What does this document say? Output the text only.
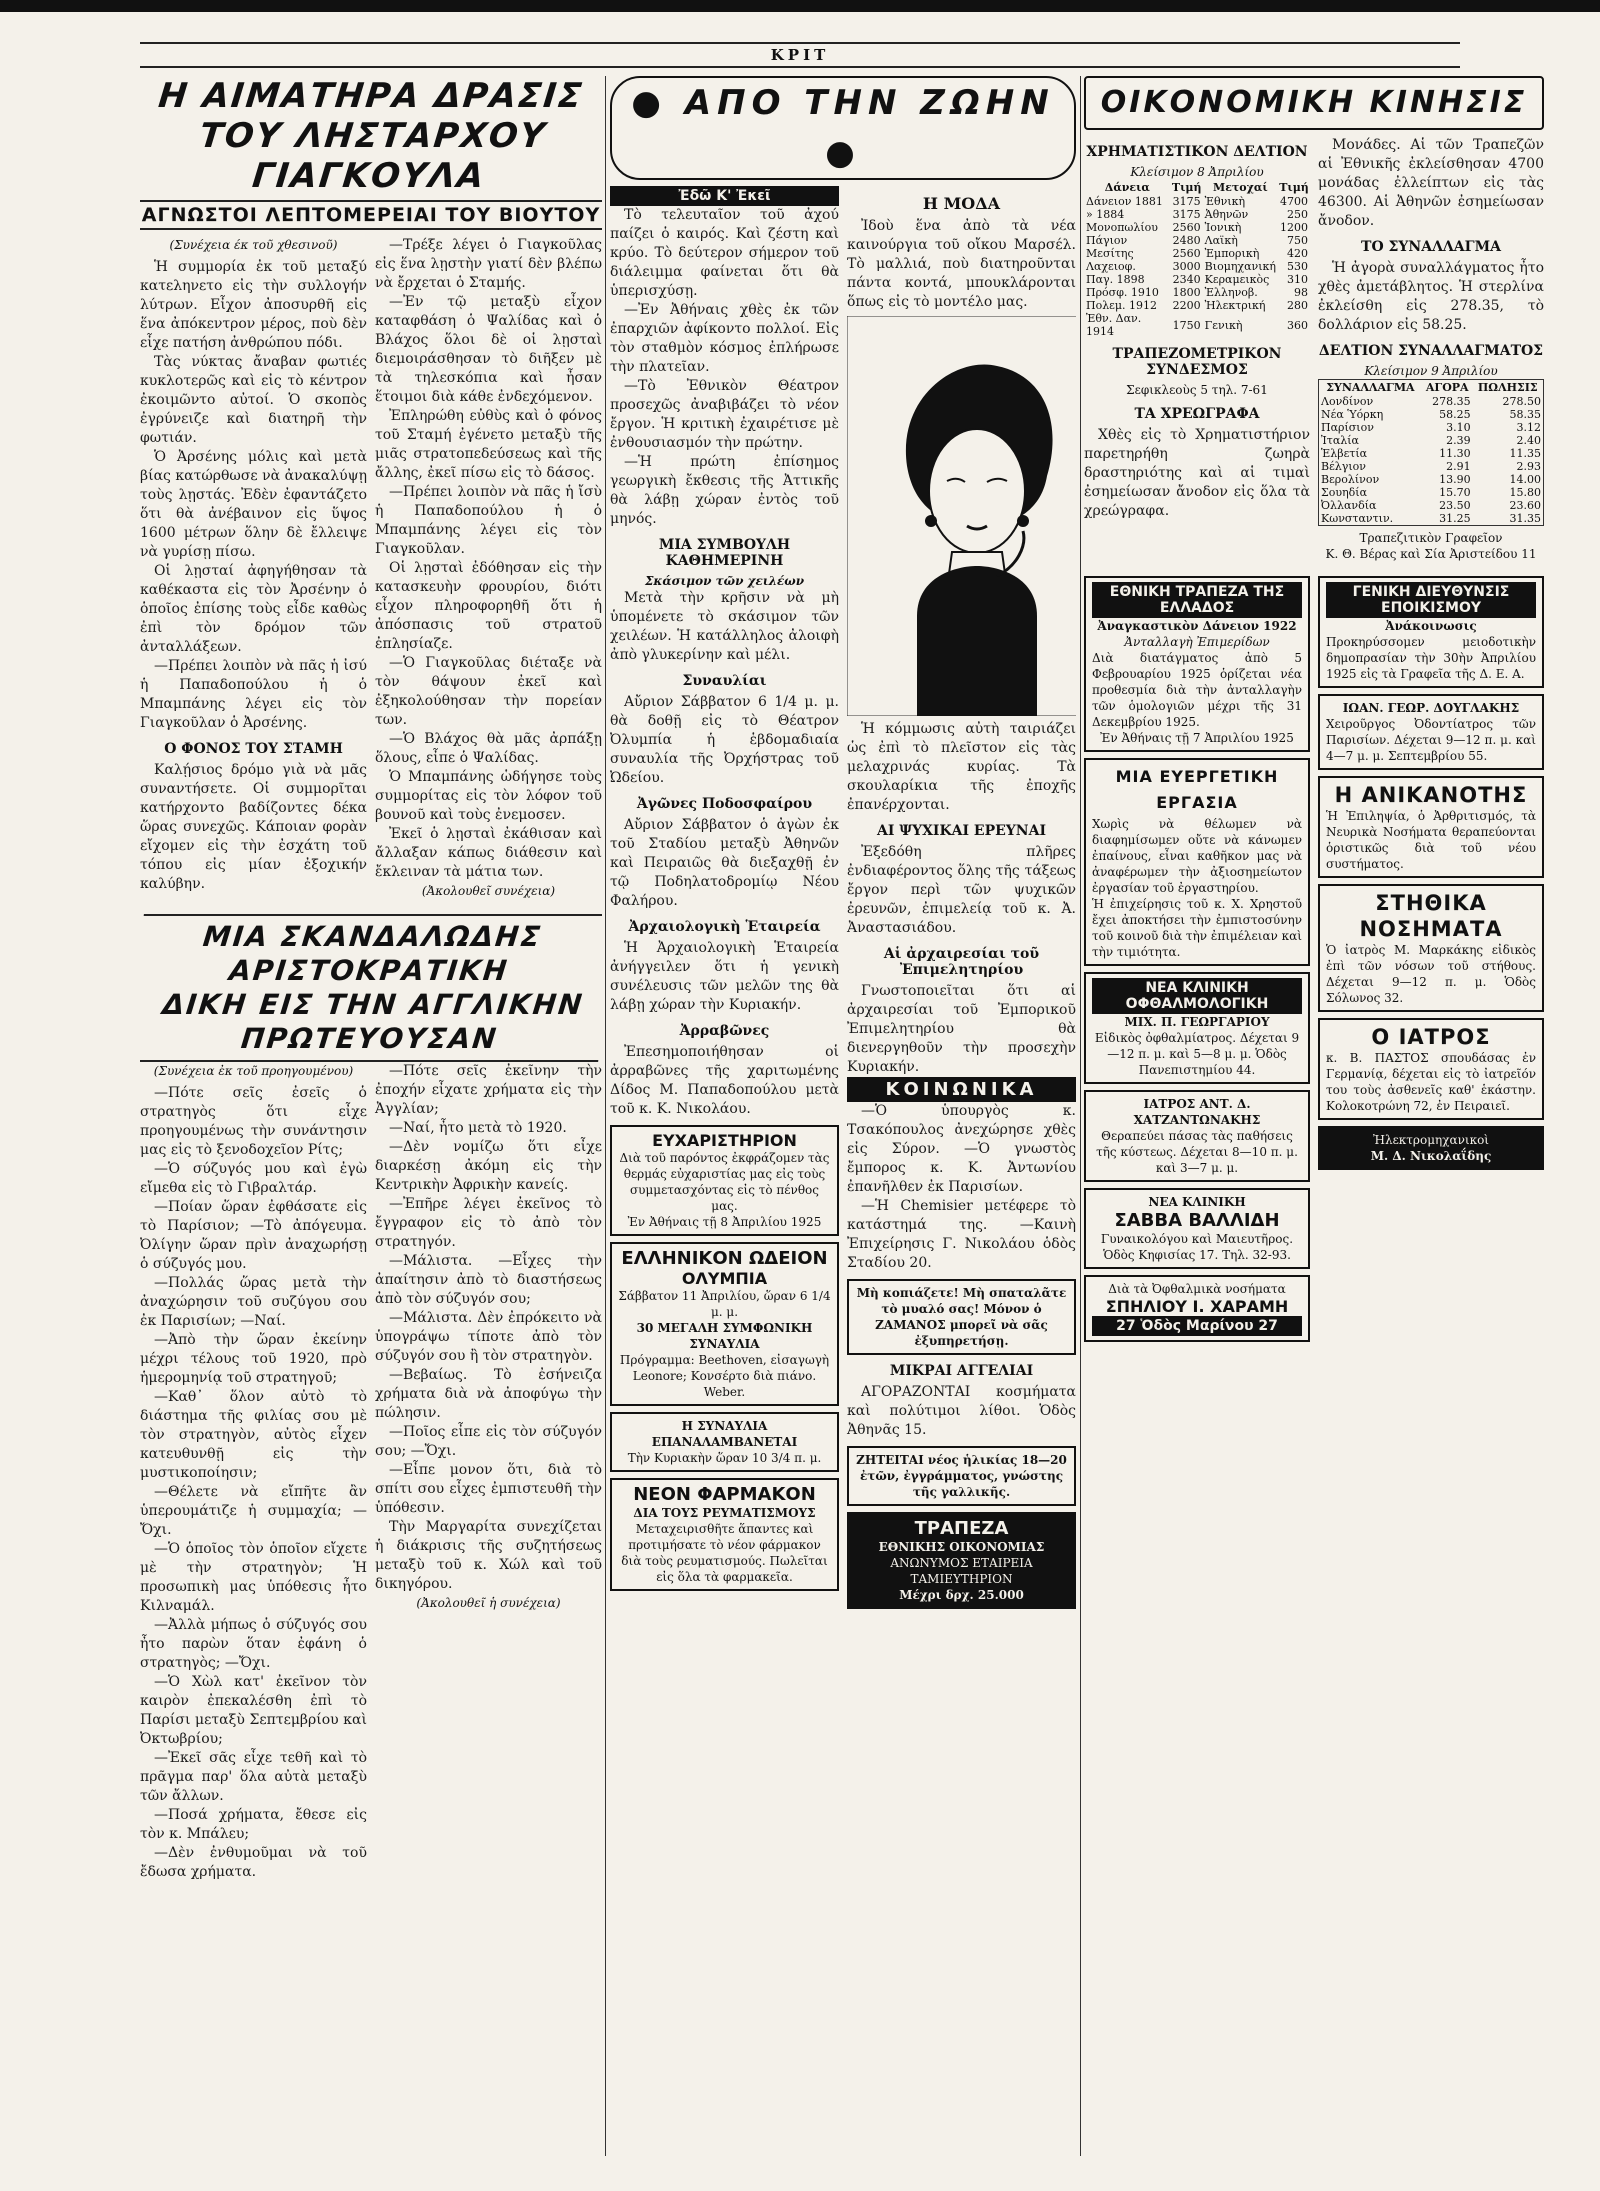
ΚΡΙΤ
Η ΑΙΜΑΤΗΡΑ ΔΡΑΣΙΣ
ΤΟΥ ΛΗΣΤΑΡΧΟΥ ΓΙΑΓΚΟΥΛΑ
ΑΓΝΩΣΤΟΙ ΛΕΠΤΟΜΕΡΕΙΑΙ ΤΟΥ ΒΙΟΥΤΟΥ
(Συνέχεια έκ τοῦ χθεσινοῦ)

Ἡ συμμορία ἐκ τοῦ μεταξύ κατεληνετο εἰς τὴν συλλογήν λύτρων. Εἶχον ἀποσυρθῆ εἰς ἕνα ἀπόκεντρον μέρος, ποὺ δὲν εἶχε πατήση ἀνθρώπου πόδι.

Τὰς νύκτας ἄναβαν φωτιές κυκλοτερῶς καὶ εἰς τὸ κέντρον ἐκοιμῶντο αὐτοί. Ὁ σκοπὸς ἐγρύνειζε καὶ διατηρῆ τὴν φωτιάν.

Ὁ Ἀρσένης μόλις καὶ μετὰ βίας κατώρθωσε νὰ ἀνακαλύψῃ τοὺς λῃστάς. Ἐδὲν ἐφαντάζετο ὅτι θὰ ἀνέβαινον εἰς ὕψος 1600 μέτρων ὅλην δὲ ἔλλειψε νὰ γυρίσῃ πίσω.

Οἱ λῃσταί ἀφηγήθησαν τὰ καθέκαστα εἰς τὸν Ἀρσένην ὁ ὁποῖος ἐπίσης τοὺς εἶδε καθὼς ἐπὶ τὸν δρόμον τῶν ἀνταλλάξεων.

—Πρέπει λοιπὸν νὰ πᾶς ἡ ἰσύ ἡ Παπαδοπούλου ἡ ὁ Μπαμπάνης λέγει εἰς τὸν Γιαγκοῦλαν ὁ Ἀρσένης.

Ο ΦΟΝΟΣ ΤΟΥ ΣΤΑΜΗ

Καλῄσιος δρόμο γιὰ νὰ μᾶς συναντήσετε. Οἱ συμμορῖται κατήρχοντο βαδίζοντες δέκα ὥρας συνεχῶς. Κάποιαν φορὰν εἴχομεν εἰς τὴν ἐσχάτη τοῦ τόπου εἰς μίαν ἐξοχικήν καλύβην.

—Τρέξε λέγει ὁ Γιαγκοῦλας εἰς ἕνα λῃστὴν γιατί δὲν βλέπω νὰ ἔρχεται ὁ Σταμής.

—Ἐν τῷ μεταξὺ εἶχον καταφθάση ὁ Ψαλίδας καὶ ὁ Βλάχος ὅλοι δὲ οἱ λῃσταὶ διεμοιράσθησαν τὸ διῆξεν μὲ τὰ τηλεσκόπια καὶ ἦσαν ἕτοιμοι διὰ κάθε ἐνδεχόμενον.

Ἐπληρώθη εὐθὺς καὶ ὁ φόνος τοῦ Σταμή ἐγένετο μεταξὺ τῆς μιᾶς στρατοπεδεύσεως καὶ τῆς ἄλλης, ἐκεῖ πίσω εἰς τὸ δάσος.

—Πρέπει λοιπὸν νὰ πᾶς ἡ ἴσὺ ἡ Παπαδοπούλου ἡ ὁ Μπαμπάνης λέγει εἰς τὸν Γιαγκοῦλαν.

Οἱ λῃσταὶ ἐδόθησαν εἰς τὴν κατασκευὴν φρουρίου, διότι εἶχον πληροφορηθῆ ὅτι ἡ ἀπόσπασις τοῦ στρατοῦ ἐπλησίαζε.

—Ὁ Γιαγκοῦλας διέταξε νὰ τὸν θάψουν ἐκεῖ καὶ ἐξηκολούθησαν τὴν πορείαν των.

—Ὁ Βλάχος θὰ μᾶς ἀρπάξῃ ὅλους, εἶπε ὁ Ψαλίδας.

Ὁ Μπαμπάνης ὡδήγησε τοὺς συμμορίτας εἰς τὸν λόφον τοῦ βουνοῦ καὶ τοὺς ἐνεμοσεν.

Ἐκεῖ ὁ λῃσταὶ ἐκάθισαν καὶ ἄλλαξαν κάπως διάθεσιν καὶ ἔκλειναν τὰ μάτια των.

(Ἀκολουθεῖ συνέχεια)
ΜΙΑ ΣΚΑΝΔΑΛΩΔΗΣ ΑΡΙΣΤΟΚΡΑΤΙΚΗ
ΔΙΚΗ ΕΙΣ ΤΗΝ ΑΓΓΛΙΚΗΝ ΠΡΩΤΕΥΟΥΣΑΝ
(Συνέχεια ἐκ τοῦ προηγουμένου)

—Πότε σεῖς ἐσεῖς ὁ στρατηγὸς ὅτι εἶχε προηγουμένως τὴν συνάντησιν μας εἰς τὸ ξενοδοχεῖον Ρίτς;

—Ὁ σύζυγός μου καὶ ἐγὼ εἴμεθα εἰς τὸ Γιβραλτάρ.

—Ποίαν ὥραν ἐφθάσατε εἰς τὸ Παρίσιον; —Τὸ ἀπόγευμα. Ὀλίγην ὥραν πρὶν ἀναχωρήσῃ ὁ σύζυγός μου.

—Πολλάς ὥρας μετὰ τὴν ἀναχώρησιν τοῦ συζύγου σου ἐκ Παρισίων; —Ναί.

—Ἀπὸ τὴν ὥραν ἐκείνην μέχρι τέλους τοῦ 1920, πρὸ ἡμερομηνίᾳ τοῦ στρατηγοῦ;

—Καθ᾽ ὅλον αὐτὸ τὸ διάστημα τῆς φιλίας σου μὲ τὸν στρατηγὸν, αὐτὸς εἶχεν κατευθυνθῇ εἰς τὴν μυστικοποίησιν;

—Θέλετε νὰ εἴπῆτε ἂν ὑπερουμάτιζε ἡ συμμαχία; —Ὄχι.

—Ὁ ὁποῖος τὸν ὁποῖον εἴχετε μὲ τὴν στρατηγὸν; Ἡ προσωπικὴ μας ὑπόθεσις ἦτο Κιλναμάλ.

—Ἀλλὰ μήπως ὁ σύζυγός σου ἦτο παρὼν ὅταν ἐφάνη ὁ στρατηγὸς; —Ὄχι.

—Ὁ Χὼλ κατ' ἐκεῖνον τὸν καιρὸν ἐπεκαλέσθη ἐπὶ τὸ Παρίσι μεταξὺ Σεπτεμβρίου καὶ Ὀκτωβρίου;

—Ἐκεῖ σᾶς εἶχε τεθῆ καὶ τὸ πρᾶγμα παρ' ὅλα αὐτὰ μεταξὺ τῶν ἄλλων.

—Ποσά χρήματα, ἔθεσε εἰς τὸν κ. Μπάλευ;

—Δὲν ἐνθυμοῦμαι νὰ τοῦ ἔδωσα χρήματα.

—Πότε σεῖς ἐκεῖνην τὴν ἐποχήν εἶχατε χρήματα εἰς τὴν Ἀγγλίαν;

—Ναί, ἦτο μετὰ τὸ 1920.

—Δὲν νομίζω ὅτι εἶχε διαρκέσῃ ἀκόμη εἰς τὴν Κεντρικὴν Ἀφρικὴν κανείς.

—Ἐπῆρε λέγει ἐκεῖνος τὸ ἔγγραφον εἰς τὸ ἀπὸ τὸν στρατηγόν.

—Μάλιστα. —Εἶχες τὴν ἀπαίτησιν ἀπὸ τὸ διαστήσεως ἀπὸ τὸν σύζυγόν σου;

—Μάλιστα. Δὲν ἐπρόκειτο νὰ ὑπογράψω τίποτε ἀπὸ τὸν σύζυγόν σου ἢ τὸν στρατηγὸν.

—Βεβαίως. Τὸ ἐσήνειζα χρήματα διὰ νὰ ἀποφύγω τὴν πώλησιν.

—Ποῖος εἶπε εἰς τὸν σύζυγόν σου; —Ὄχι.

—Εἶπε μονον ὅτι, διὰ τὸ σπίτι σου εἶχες ἐμπιστευθῆ τὴν ὑπόθεσιν.

Τὴν Μαργαρίτα συνεχίζεται ἡ διάκρισις τῆς συζητήσεως μεταξὺ τοῦ κ. Χώλ καὶ τοῦ δικηγόρου.

(Ἀκολουθεῖ ἡ συνέχεια)
● ΑΠΟ ΤΗΝ ΖΩΗΝ ●
Ἐδῶ Κ' Ἐκεῖ

Τὸ τελευταῖον τοῦ ἀχού παίζει ὁ καιρός. Καὶ ζέστη καὶ κρύο. Τὸ δεύτερον σήμερον τοῦ διάλειμμα φαίνεται ὅτι θὰ ὑπερισχύσῃ.

—Ἐν Ἀθήναις χθὲς ἐκ τῶν ἐπαρχιῶν ἀφίκοντο πολλοί. Εἰς τὸν σταθμὸν κόσμος ἐπλήρωσε τὴν πλατεῖαν.

—Τὸ Ἐθνικὸν Θέατρον προσεχῶς ἀναβιβάζει τὸ νέον ἔργον. Ἡ κριτικὴ ἐχαιρέτισε μὲ ἐνθουσιασμόν τὴν πρώτην.

—Ἡ πρώτη ἐπίσημος γεωργικὴ ἔκθεσις τῆς Ἀττικῆς θὰ λάβῃ χώραν ἐντὸς τοῦ μηνός.

ΜΙΑ ΣΥΜΒΟΥΛΗ ΚΑΘΗΜΕΡΙΝΗ
Σκάσιμον τῶν χειλέων

Μετὰ τὴν κρῆσιν νὰ μὴ ὑπομένετε τὸ σκάσιμον τῶν χειλέων. Ἡ κατάλληλος ἀλοιφὴ ἀπὸ γλυκερίνην καὶ μέλι.

Συναυλίαι

Αὔριον Σάββατον 6 1/4 μ. μ. θὰ δοθῇ εἰς τὸ Θέατρον Ὀλυμπία ἡ ἑβδομαδιαία συναυλία τῆς Ὀρχήστρας τοῦ Ὠδείου.

Ἀγῶνες Ποδοσφαίρου

Αὔριον Σάββατον ὁ ἀγὼν ἐκ τοῦ Σταδίου μεταξὺ Ἀθηνῶν καὶ Πειραιῶς θὰ διεξαχθῇ ἐν τῷ Ποδηλατοδρομίῳ Νέου Φαλήρου.

Ἀρχαιολογικὴ Ἑταιρεία

Ἡ Ἀρχαιολογικὴ Ἑταιρεία ἀνήγγειλεν ὅτι ἡ γενικὴ συνέλευσις τῶν μελῶν της θὰ λάβῃ χώραν τὴν Κυριακήν.

Ἀρραβῶνες

Ἐπεσημοποιήθησαν οἱ ἀρραβῶνες τῆς χαριτωμένης Δίδος Μ. Παπαδοπούλου μετὰ τοῦ κ. Κ. Νικολάου.

ΕΥΧΑΡΙΣΤΗΡΙΟΝ
Διὰ τοῦ παρόντος ἐκφράζομεν τὰς θερμάς εὐχαριστίας μας εἰς τοὺς συμμετασχόντας εἰς τὸ πένθος μας.
Ἐν Ἀθήναις τῇ 8 Ἀπριλίου 1925
ΕΛΛΗΝΙΚΟΝ ΩΔΕΙΟΝ
ΟΛΥΜΠΙΑ
Σάββατον 11 Ἀπριλίου, ὥραν 6 1/4 μ. μ.
30 ΜΕΓΑΛΗ ΣΥΜΦΩΝΙΚΗ ΣΥΝΑΥΛΙΑ
Πρόγραμμα: Beethoven, εἰσαγωγὴ Leonore; Κονσέρτο διὰ πιάνο. Weber.
Η ΣΥΝΑΥΛΙΑ ΕΠΑΝΑΛΑΜΒΑΝΕΤΑΙ
Τὴν Κυριακὴν ὥραν 10 3/4 π. μ.
ΝΕΟΝ ΦΑΡΜΑΚΟΝ
ΔΙΑ ΤΟΥΣ ΡΕΥΜΑΤΙΣΜΟΥΣ
Μεταχειρισθῆτε ἅπαντες καὶ προτιμήσατε τὸ νέον φάρμακον διὰ τοὺς ρευματισμούς. Πωλεῖται εἰς ὅλα τὰ φαρμακεῖα.
Η ΜΟΔΑ

Ἰδοὺ ἕνα ἀπὸ τὰ νέα καινούργια τοῦ οἴκου Μαρσέλ. Τὸ μαλλιά, ποὺ διατηροῦνται πάντα κοντά, μπουκλάρονται ὅπως εἰς τὸ μοντέλο μας.

Ἡ κόμμωσις αὐτὴ ταιριάζει ὡς ἐπὶ τὸ πλεῖστον εἰς τὰς μελαχρινάς κυρίας. Τὰ σκουλαρίκια τῆς ἐποχῆς ἐπανέρχονται.

ΑΙ ΨΥΧΙΚΑΙ ΕΡΕΥΝΑΙ

Ἐξεδόθη πλῆρες ἐνδιαφέροντος ὅλης τῆς τάξεως ἔργον περὶ τῶν ψυχικῶν ἐρευνῶν, ἐπιμελείᾳ τοῦ κ. Ἀ. Ἀναστασιάδου.

Αἱ ἀρχαιρεσίαι τοῦ Ἐπιμελητηρίου

Γνωστοποιεῖται ὅτι αἱ ἀρχαιρεσίαι τοῦ Ἐμπορικοῦ Ἐπιμελητηρίου θὰ διενεργηθοῦν τὴν προσεχὴν Κυριακήν.

ΚΟΙΝΩΝΙΚΑ

—Ὁ ὑπουργὸς κ. Τσακόπουλος ἀνεχώρησε χθὲς εἰς Σύρον. —Ὁ γνωστὸς ἔμπορος κ. Κ. Ἀντωνίου ἐπανῆλθεν ἐκ Παρισίων.

—Ἡ Chemisier μετέφερε τὸ κατάστημά της. —Καινὴ Ἐπιχείρησις Γ. Νικολάου ὁδὸς Σταδίου 20.

Μὴ κοπιάζετε! Μὴ σπαταλᾶτε τὸ μυαλό σας! Μόνον ὁ ΖΑΜΑΝΟΣ μπορεῖ νὰ σᾶς ἐξυπηρετήσῃ.
ΜΙΚΡΑΙ ΑΓΓΕΛΙΑΙ

ΑΓΟΡΑΖΟΝΤΑΙ κοσμήματα καὶ πολύτιμοι λίθοι. Ὁδὸς Ἀθηνᾶς 15.

ΖΗΤΕΙΤΑΙ νέος ἡλικίας 18—20 ἐτῶν, ἐγγράμματος, γνώστης τῆς γαλλικῆς.
ΤΡΑΠΕΖΑ
ΕΘΝΙΚΗΣ ΟΙΚΟΝΟΜΙΑΣ
ΑΝΩΝΥΜΟΣ ΕΤΑΙΡΕΙΑ
ΤΑΜΙΕΥΤΗΡΙΟΝ
Μέχρι δρχ. 25.000
ΟΙΚΟΝΟΜΙΚΗ ΚΙΝΗΣΙΣ
ΧΡΗΜΑΤΙΣΤΙΚΟΝ ΔΕΛΤΙΟΝ
Κλείσιμον 8 Ἀπριλίου
Δάνεια	Τιμή	Μετοχαί	Τιμή
Δάνειον 1881	3175	Ἐθνικὴ	4700
» 1884	3175	Ἀθηνῶν	250
Μονοπωλίου	2560	Ἱονικὴ	1200
Πάγιον	2480	Λαϊκὴ	750
Μεσίτης	2560	Ἐμπορικὴ	420
Λαχειοφ.	3000	Βιομηχανική	530
Παγ. 1898	2340	Κεραμεικὸς	310
Πρόσφ. 1910	1800	Ἐλληνοβ.	98
Πολεμ. 1912	2200	Ἠλεκτρική	280
Ἐθν. Δαν. 1914	1750	Γενικὴ	360
ΤΡΑΠΕΖΟΜΕΤΡΙΚΟΝ ΣΥΝΔΕΣΜΟΣ
Σεφικλεοὺς 5 τηλ. 7-61
ΤΑ ΧΡΕΩΓΡΑΦΑ

Χθὲς εἰς τὸ Χρηματιστήριον παρετηρήθη ζωηρὰ δραστηριότης καὶ αἱ τιμαὶ ἐσημείωσαν ἄνοδον εἰς ὅλα τὰ χρεώγραφα.

Μονάδες. Αἱ τῶν Τραπεζῶν αἱ Ἐθνικῆς ἐκλείσθησαν 4700 μονάδας ἐλλείπτων εἰς τὰς 46300. Αἱ Ἀθηνῶν ἐσημείωσαν ἄνοδον.

ΤΟ ΣΥΝΑΛΛΑΓΜΑ

Ἡ ἀγορὰ συναλλάγματος ἦτο χθὲς ἀμετάβλητος. Ἡ στερλίνα ἐκλείσθη εἰς 278.35, τὸ δολλάριον εἰς 58.25.

ΔΕΛΤΙΟΝ ΣΥΝΑΛΛΑΓΜΑΤΟΣ
Κλείσιμον 9 Ἀπριλίου
ΣΥΝΑΛΛΑΓΜΑ	ΑΓΟΡΑ	ΠΩΛΗΣΙΣ
Λονδίνον	278.35	278.50
Νέα Ὑόρκη	58.25	58.35
Παρίσιον	3.10	3.12
Ἰταλία	2.39	2.40
Ἑλβετία	11.30	11.35
Βέλγιον	2.91	2.93
Βερολίνον	13.90	14.00
Σουηδία	15.70	15.80
Ὀλλανδία	23.50	23.60
Κωνσταντιν.	31.25	31.35
Τραπεζιτικὸν Γραφεῖον
Κ. Θ. Βέρας καὶ Σία Ἀριστείδου 11
ΕΘΝΙΚΗ ΤΡΑΠΕΖΑ ΤΗΣ ΕΛΛΑΔΟΣ
Ἀναγκαστικὸν Δάνειον 1922
Ἀνταλλαγὴ Ἐπιμερίδων
Διὰ διατάγματος ἀπὸ 5 Φεβρουαρίου 1925 ὁρίζεται νέα προθεσμία διὰ τὴν ἀνταλλαγὴν τῶν ὁμολογιῶν μέχρι τῆς 31 Δεκεμβρίου 1925.
Ἐν Ἀθήναις τῇ 7 Ἀπριλίου 1925
ΜΙΑ ΕΥΕΡΓΕΤΙΚΗ ΕΡΓΑΣΙΑ
Χωρὶς νὰ θέλωμεν νὰ διαφημίσωμεν οὔτε νὰ κάνωμεν ἐπαίνους, εἶναι καθῆκον μας νὰ ἀναφέρωμεν τὴν ἀξιοσημείωτον ἐργασίαν τοῦ ἐργαστηρίου.
Ἡ ἐπιχείρησις τοῦ κ. Χ. Χρηστοῦ ἔχει ἀποκτήσει τὴν ἐμπιστοσύνην τοῦ κοινοῦ διὰ τὴν ἐπιμέλειαν καὶ τὴν τιμιότητα.
ΝΕΑ ΚΛΙΝΙΚΗ ΟΦΘΑΛΜΟΛΟΓΙΚΗ
ΜΙΧ. Π. ΓΕΩΡΓΑΡΙΟΥ
Εἰδικὸς ὀφθαλμίατρος. Δέχεται 9—12 π. μ. καὶ 5—8 μ. μ. Ὁδὸς Πανεπιστημίου 44.
ΙΑΤΡΟΣ ΑΝΤ. Δ. ΧΑΤΖΑΝΤΩΝΑΚΗΣ
Θεραπεύει πάσας τὰς παθήσεις τῆς κύστεως. Δέχεται 8—10 π. μ. καὶ 3—7 μ. μ.
ΝΕΑ ΚΛΙΝΙΚΗ
ΣΑΒΒΑ ΒΑΛΛΙΔΗ
Γυναικολόγου καὶ Μαιευτῆρος. Ὁδὸς Κηφισίας 17. Τηλ. 32-93.
Διὰ τὰ Ὀφθαλμικὰ νοσήματα
ΣΠΗΛΙΟΥ Ι. ΧΑΡΑΜΗ
27 Ὁδὸς Μαρίνου 27
ΓΕΝΙΚΗ ΔΙΕΥΘΥΝΣΙΣ ΕΠΟΙΚΙΣΜΟΥ
Ἀνάκοινωσις
Προκηρύσσομεν μειοδοτικὴν δημοπρασίαν τὴν 30ὴν Ἀπριλίου 1925 εἰς τὰ Γραφεῖα τῆς Δ. Ε. Α.
ΙΩΑΝ. ΓΕΩΡ. ΔΟΥΓΛΑΚΗΣ
Χειροῦργος Ὀδοντίατρος τῶν Παρισίων. Δέχεται 9—12 π. μ. καὶ 4—7 μ. μ. Σεπτεμβρίου 55.
Η ΑΝΙΚΑΝΟΤΗΣ
Ἡ Ἐπιληψία, ὁ Ἀρθριτισμός, τὰ Νευρικὰ Νοσήματα θεραπεύονται ὁριστικῶς διὰ τοῦ νέου συστήματος.
ΣΤΗΘΙΚΑ ΝΟΣΗΜΑΤΑ
Ὁ ἰατρὸς Μ. Μαρκάκης εἰδικὸς ἐπὶ τῶν νόσων τοῦ στήθους. Δέχεται 9—12 π. μ. Ὁδὸς Σόλωνος 32.
Ο ΙΑΤΡΟΣ
κ. Β. ΠΑΣΤΟΣ σπουδάσας ἐν Γερμανίᾳ, δέχεται εἰς τὸ ἰατρεῖόν του τοὺς ἀσθενεῖς καθ' ἑκάστην. Κολοκοτρώνη 72, ἐν Πειραιεῖ.
Ἠλεκτρομηχανικοὶ
Μ. Δ. Νικολαΐδης
